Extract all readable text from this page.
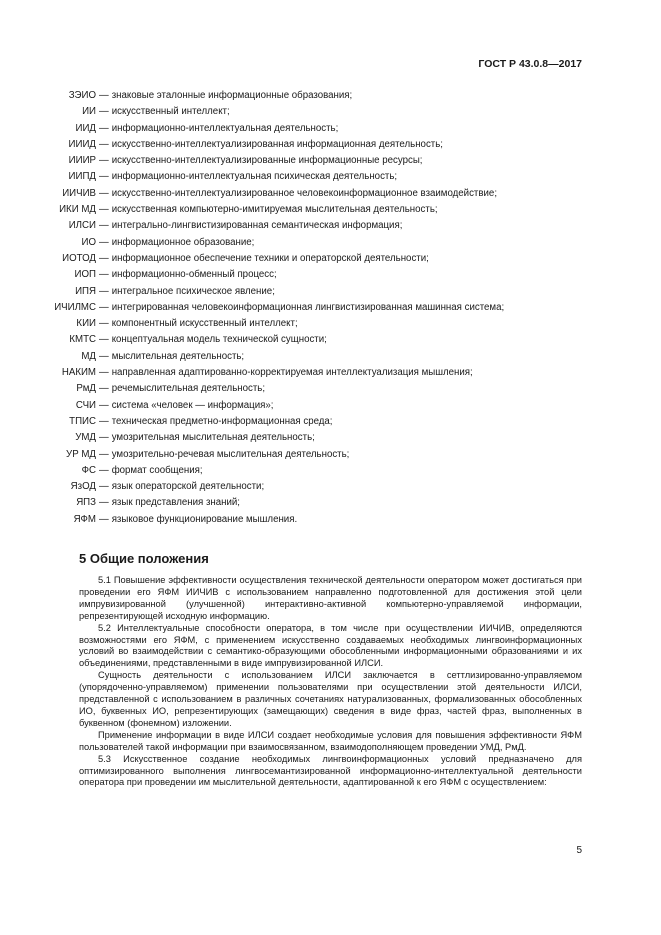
ГОСТ Р 43.0.8—2017
ЗЭИО — знаковые эталонные информационные образования;
ИИ — искусственный интеллект;
ИИД — информационно-интеллектуальная деятельность;
ИИИД — искусственно-интеллектуализированная информационная деятельность;
ИИИР — искусственно-интеллектуализированные информационные ресурсы;
ИИПД — информационно-интеллектуальная психическая деятельность;
ИИЧИВ — искусственно-интеллектуализированное человекоинформационное взаимодействие;
ИКИ МД — искусственная компьютерно-имитируемая мыслительная деятельность;
ИЛСИ — интегрально-лингвистизированная семантическая информация;
ИО — информационное образование;
ИОТОД — информационное обеспечение техники и операторской деятельности;
ИОП — информационно-обменный процесс;
ИПЯ — интегральное психическое явление;
ИЧИЛМС — интегрированная человекоинформационная лингвистизированная машинная система;
КИИ — компонентный искусственный интеллект;
КМТС — концептуальная модель технической сущности;
МД — мыслительная деятельность;
НАКИМ — направленная адаптированно-корректируемая интеллектуализация мышления;
РмД — речемыслительная деятельность;
СЧИ — система «человек — информация»;
ТПИС — техническая предметно-информационная среда;
УМД — умозрительная мыслительная деятельность;
УР МД — умозрительно-речевая мыслительная деятельность;
ФС — формат сообщения;
ЯзОД — язык операторской деятельности;
ЯПЗ — язык представления знаний;
ЯФМ — языковое функционирование мышления.
5 Общие положения

5.1 Повышение эффективности осуществления технической деятельности оператором может достигаться при проведении его ЯФМ ИИЧИВ с использованием направленно подготовленной для достижения этой цели импрувизированной (улучшенной) интерактивно-активной компьютерно-управляемой информации, репрезентирующей исходную информацию.

5.2 Интеллектуальные способности оператора, в том числе при осуществлении ИИЧИВ, определяются возможностями его ЯФМ, с применением искусственно создаваемых необходимых лингвоинформационных условий во взаимодействии с семантико-образующими обособленными информационными образованиями и их объединениями, представленными в виде импрувизированной ИЛСИ.

Сущность деятельности с использованием ИЛСИ заключается в сеттлизированно-управляемом (упорядоченно-управляемом) применении пользователями при осуществлении этой деятельности ИЛСИ, представленной с использованием в различных сочетаниях натурализованных, формализованных обособленных ИО, буквенных ИО, репрезентирующих (замещающих) сведения в виде фраз, частей фраз, выполненных в буквенном (фонемном) изложении.

Применение информации в виде ИЛСИ создает необходимые условия для повышения эффективности ЯФМ пользователей такой информации при взаимосвязанном, взаимодополняющем проведении УМД, РмД.

5.3 Искусственное создание необходимых лингвоинформационных условий предназначено для оптимизированного выполнения лингвосемантизированной информационно-интеллектуальной деятельности оператора при проведении им мыслительной деятельности, адаптированной к его ЯФМ с осуществлением:

5
